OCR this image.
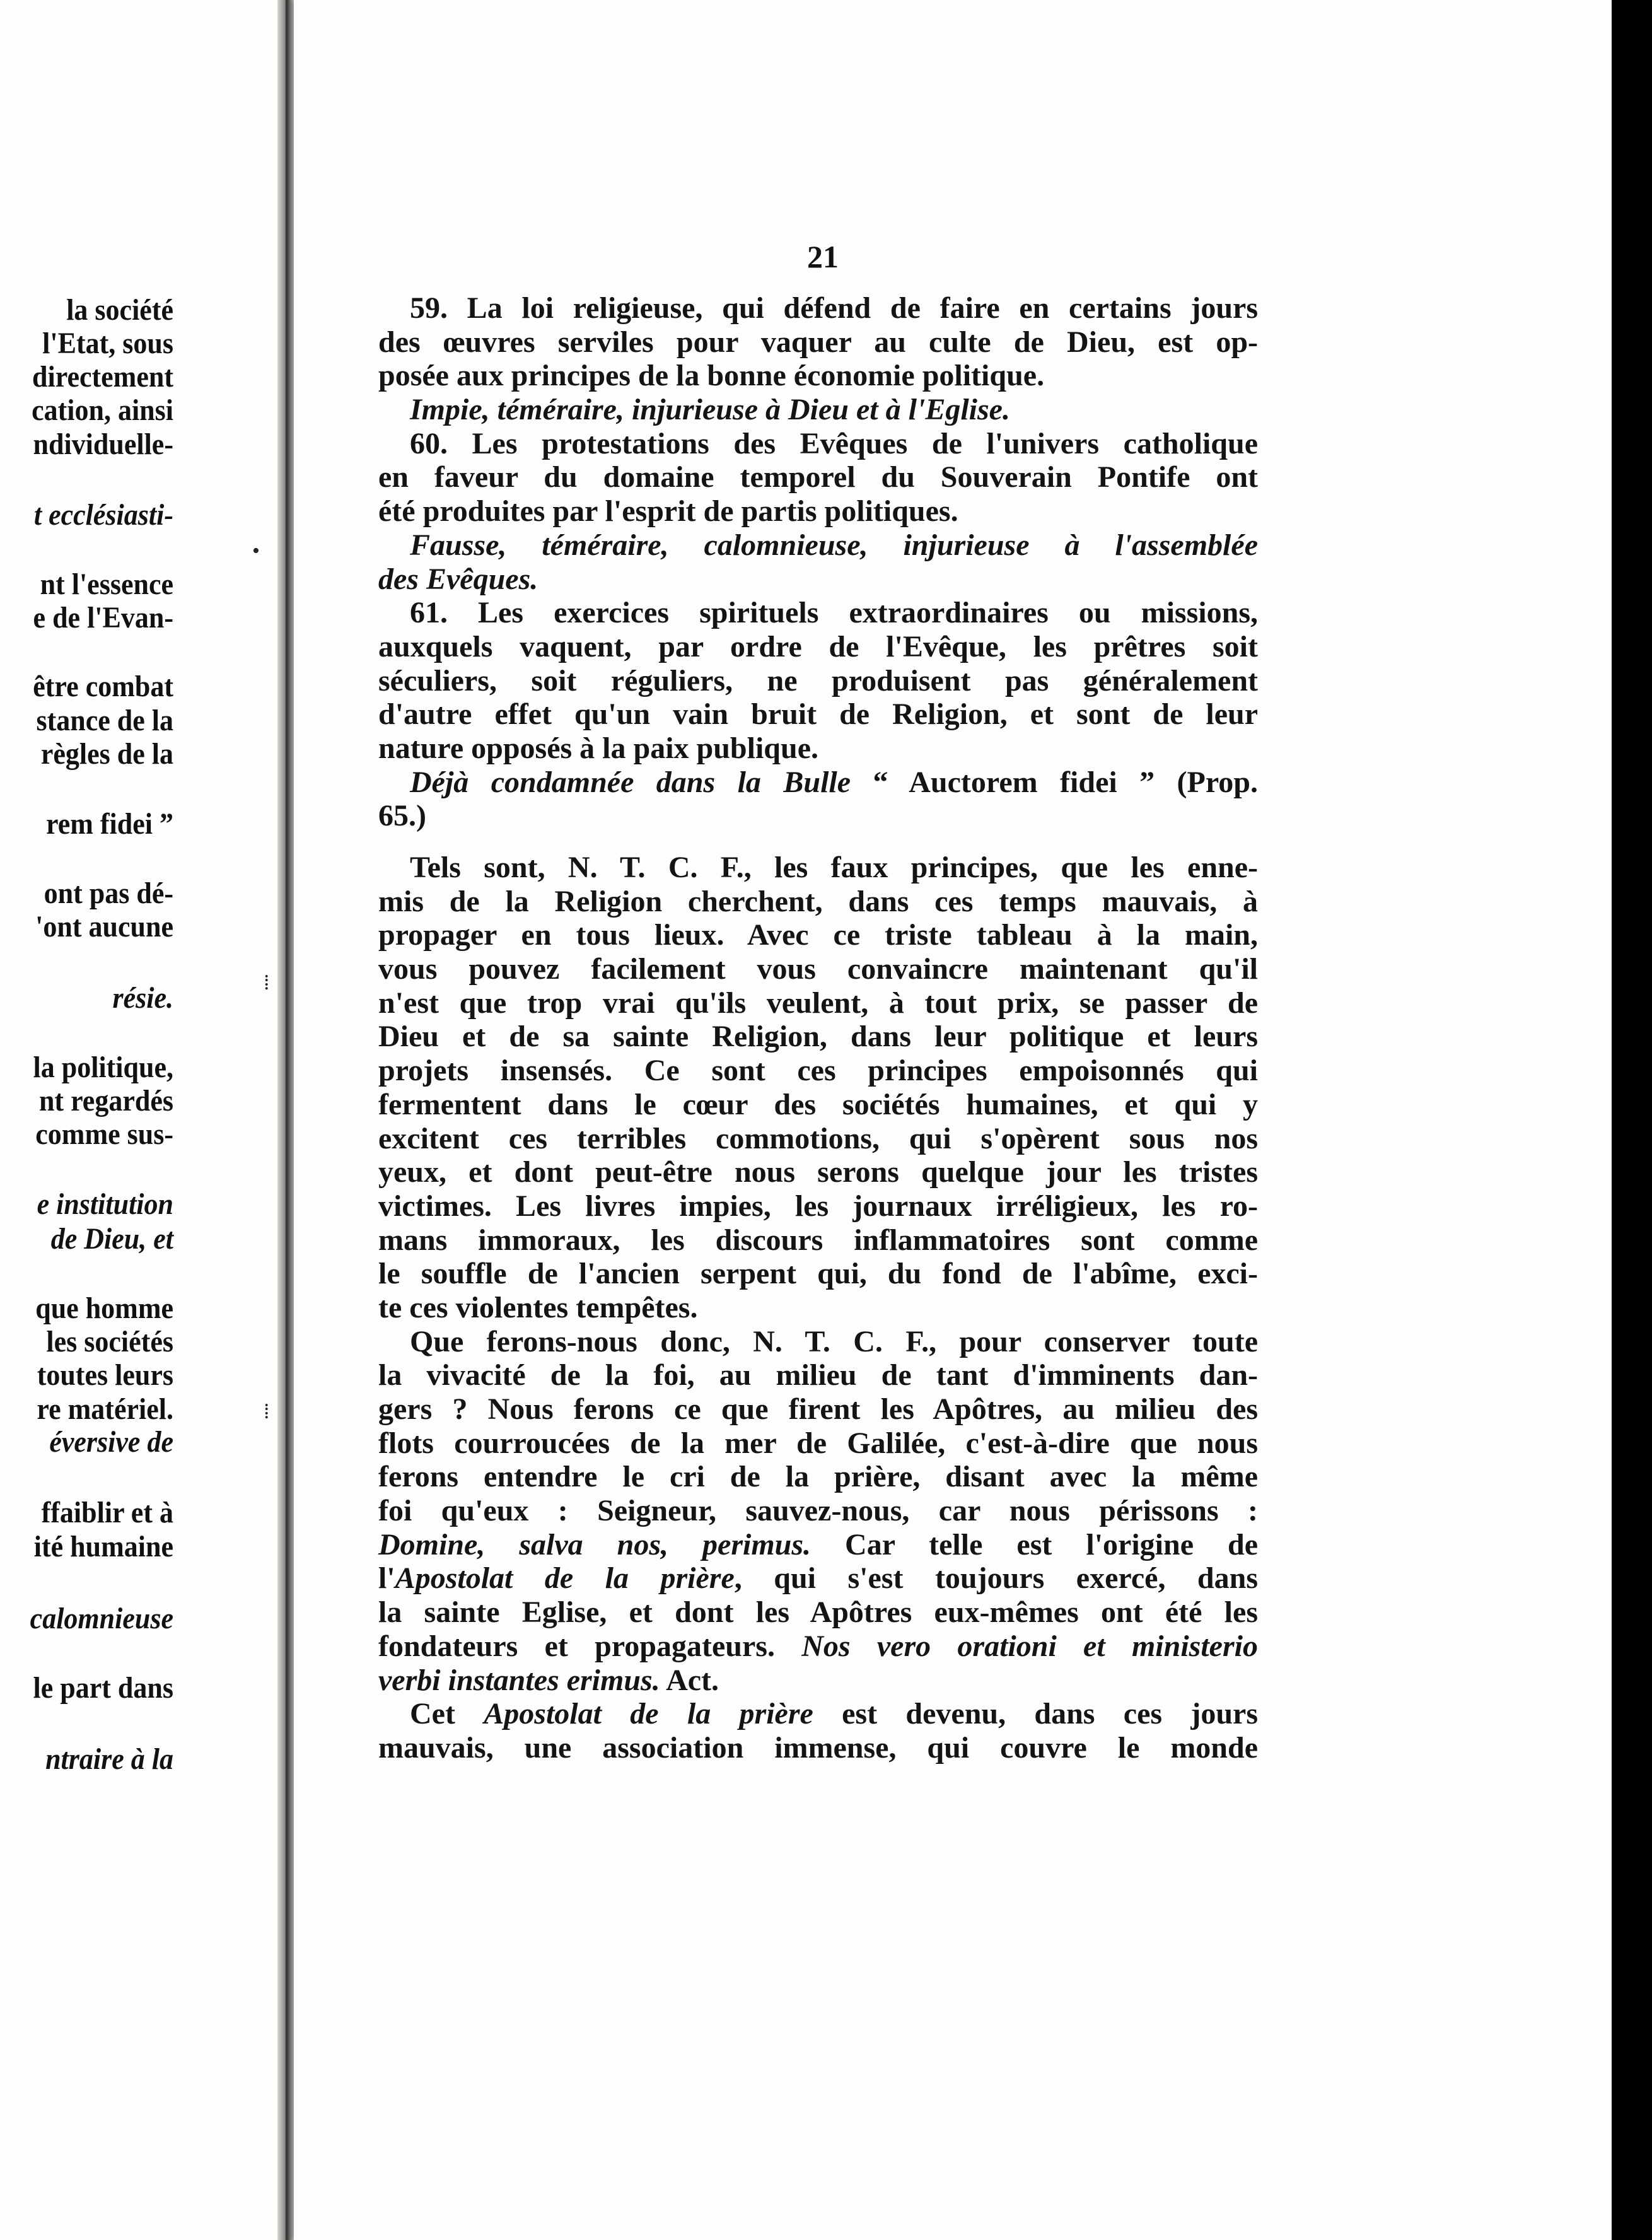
la société
l'Etat, sous
directement
cation, ainsi
ndividuelle-
t ecclésiasti-
nt l'essence
e de l'Evan-
être combat
stance de la
règles de la
rem fidei ”
ont pas dé-
'ont aucune
résie.
la politique,
nt regardés
comme sus-
e institution
de Dieu, et
que homme
les sociétés
toutes leurs
re matériel.
éversive de
ffaiblir et à
ité humaine
calomnieuse
le part dans
ntraire à la
21
59. La loi religieuse, qui défend de faire en certains jours
des œuvres serviles pour vaquer au culte de Dieu, est op-
posée aux principes de la bonne économie politique.
Impie, téméraire, injurieuse à Dieu et à l'Eglise.
60. Les protestations des Evêques de l'univers catholique
en faveur du domaine temporel du Souverain Pontife ont
été produites par l'esprit de partis politiques.
Fausse, téméraire, calomnieuse, injurieuse à l'assemblée
des Evêques.
61. Les exercices spirituels extraordinaires ou missions,
auxquels vaquent, par ordre de l'Evêque, les prêtres soit
séculiers, soit réguliers, ne produisent pas généralement
d'autre effet qu'un vain bruit de Religion, et sont de leur
nature opposés à la paix publique.
Déjà condamnée dans la Bulle “ Auctorem fidei ” (Prop.
65.)
Tels sont, N. T. C. F., les faux principes, que les enne-
mis de la Religion cherchent, dans ces temps mauvais, à
propager en tous lieux. Avec ce triste tableau à la main,
vous pouvez facilement vous convaincre maintenant qu'il
n'est que trop vrai qu'ils veulent, à tout prix, se passer de
Dieu et de sa sainte Religion, dans leur politique et leurs
projets insensés. Ce sont ces principes empoisonnés qui
fermentent dans le cœur des sociétés humaines, et qui y
excitent ces terribles commotions, qui s'opèrent sous nos
yeux, et dont peut-être nous serons quelque jour les tristes
victimes. Les livres impies, les journaux irréligieux, les ro-
mans immoraux, les discours inflammatoires sont comme
le souffle de l'ancien serpent qui, du fond de l'abîme, exci-
te ces violentes tempêtes.
Que ferons-nous donc, N. T. C. F., pour conserver toute
la vivacité de la foi, au milieu de tant d'imminents dan-
gers ? Nous ferons ce que firent les Apôtres, au milieu des
flots courroucées de la mer de Galilée, c'est-à-dire que nous
ferons entendre le cri de la prière, disant avec la même
foi qu'eux : Seigneur, sauvez-nous, car nous périssons :
Domine, salva nos, perimus. Car telle est l'origine de
l'Apostolat de la prière, qui s'est toujours exercé, dans
la sainte Eglise, et dont les Apôtres eux-mêmes ont été les
fondateurs et propagateurs. Nos vero orationi et ministerio
verbi instantes erimus. Act.
Cet Apostolat de la prière est devenu, dans ces jours
mauvais, une association immense, qui couvre le monde
•
⁞
⁞
